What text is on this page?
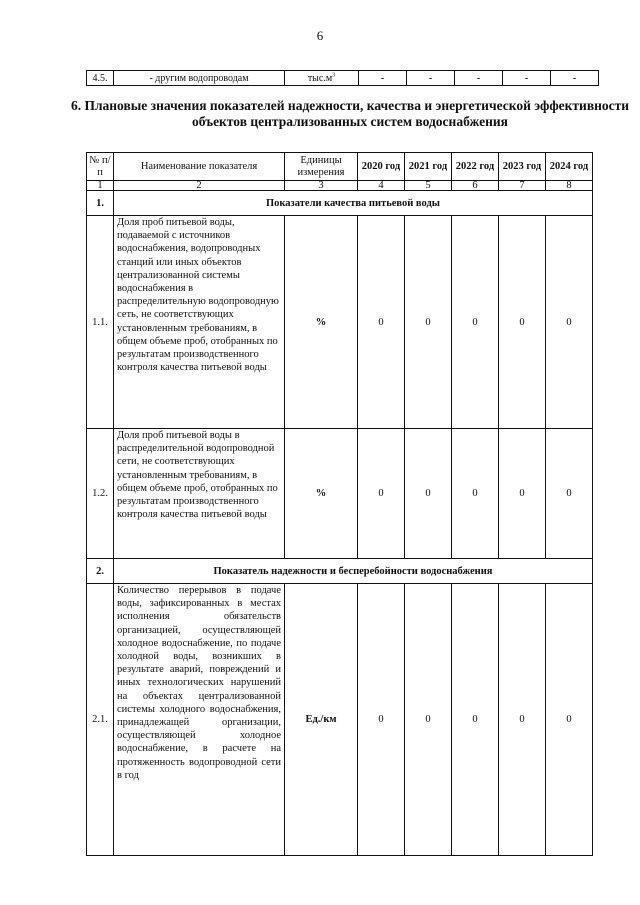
6
4.5.	- другим водопроводам	$тыс.м^3$	-	-	-	-	-
6. Плановые значения показателей надежности, качества и энергетической эффективности объектов централизованных систем водоснабжения
№ п/п	Наименование показателя	Единицы измерения	2020 год	2021 год	2022 год	2023 год	2024 год
1	2	3	4	5	6	7	8
1.	Показатели качества питьевой воды						
1.1.	Доля проб питьевой воды, подаваемой с источников водоснабжения, водопроводных станций или иных объектов централизованной системы водоснабжения в распределительную водопроводную сеть, не соответствующих установленным требованиям, в общем объеме проб, отобранных по результатам производственного контроля качества питьевой воды	%	0	0	0	0	0
1.2.	Доля проб питьевой воды в распределительной водопроводной сети, не соответствующих установленным требованиям, в общем объеме проб, отобранных по результатам производственного контроля качества питьевой воды	%	0	0	0	0	0
2.	Показатель надежности и бесперебойности водоснабжения						
2.1.	Количество перерывов в подаче воды, зафиксированных в местах исполнения обязательств организацией, осуществляющей холодное водоснабжение, по подаче холодной воды, возникших в результате аварий, повреждений и иных технологических нарушений на объектах централизованной системы холодного водоснабжения, принадлежащей организации, осуществляющей холодное водоснабжение, в расчете на протяженность водопроводной сети в год	Ед./км	0	0	0	0	0
